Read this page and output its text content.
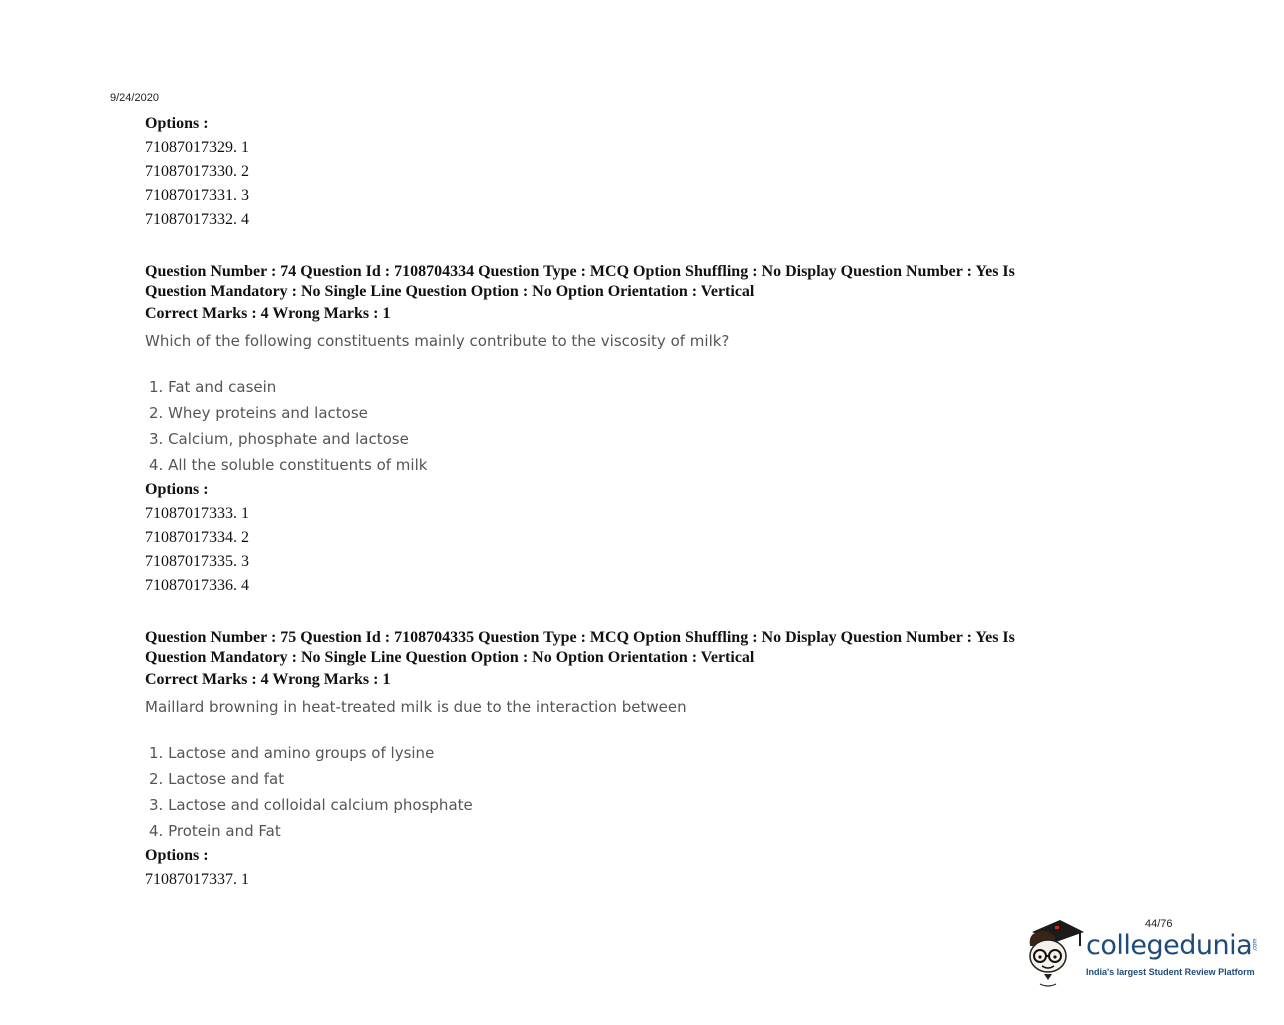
9/24/2020
Options :
71087017329. 1
71087017330. 2
71087017331. 3
71087017332. 4
Question Number : 74 Question Id : 7108704334 Question Type : MCQ Option Shuffling : No Display Question Number : Yes Is
Question Mandatory : No Single Line Question Option : No Option Orientation : Vertical
Correct Marks : 4 Wrong Marks : 1
Which of the following constituents mainly contribute to the viscosity of milk?
1. Fat and casein
2. Whey proteins and lactose
3. Calcium, phosphate and lactose
4. All the soluble constituents of milk
Options :
71087017333. 1
71087017334. 2
71087017335. 3
71087017336. 4
Question Number : 75 Question Id : 7108704335 Question Type : MCQ Option Shuffling : No Display Question Number : Yes Is
Question Mandatory : No Single Line Question Option : No Option Orientation : Vertical
Correct Marks : 4 Wrong Marks : 1
Maillard browning in heat-treated milk is due to the interaction between
1. Lactose and amino groups of lysine
2. Lactose and fat
3. Lactose and colloidal calcium phosphate
4. Protein and Fat
Options :
71087017337. 1
44/76
collegedunia .com
India's largest Student Review Platform
